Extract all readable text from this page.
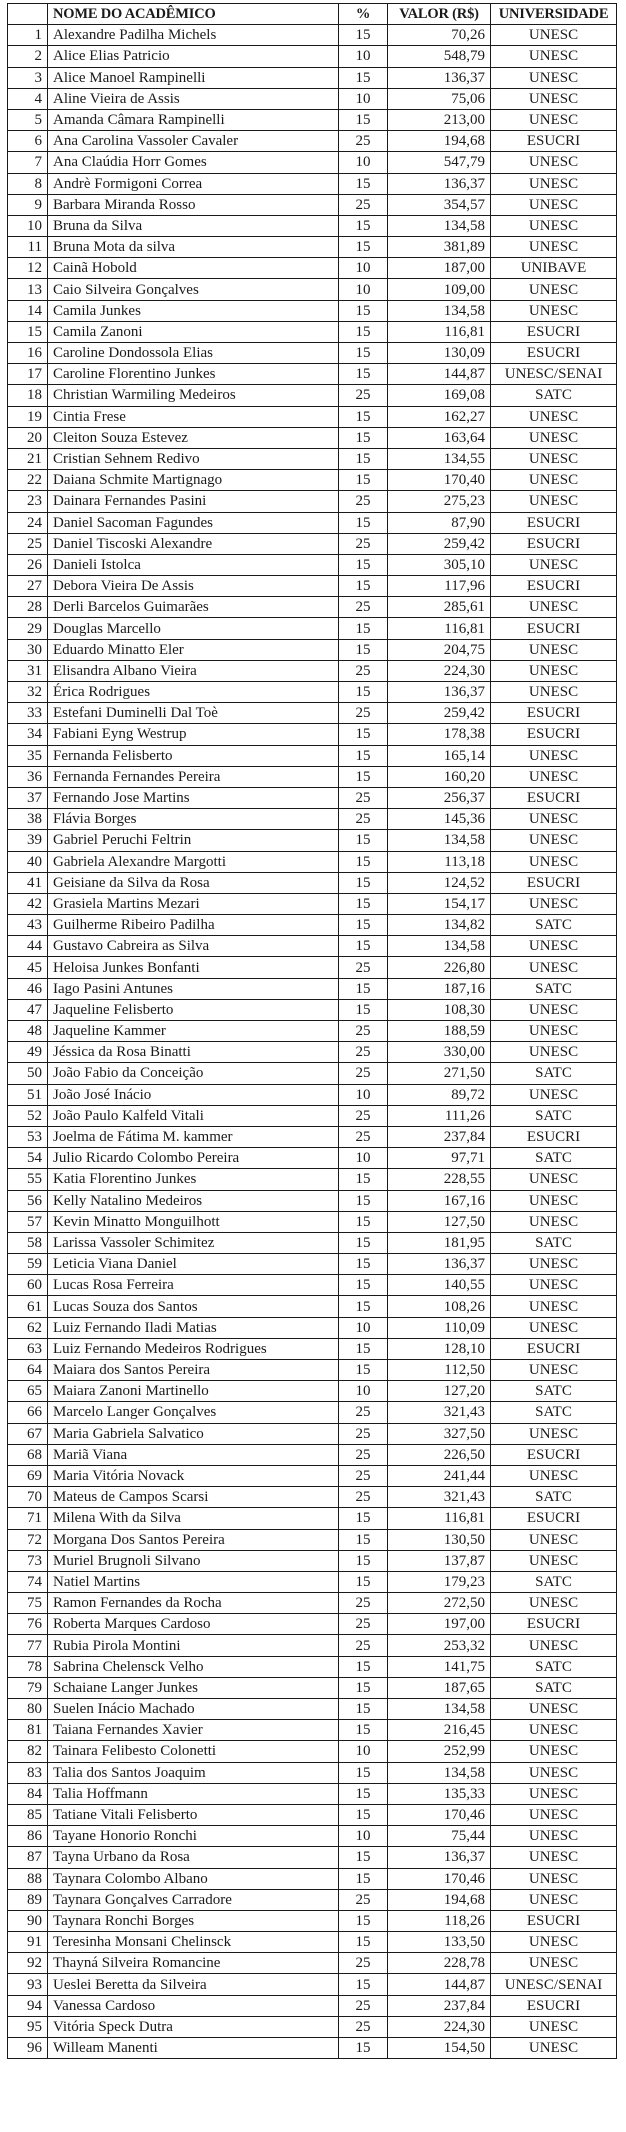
	NOME DO ACADÊMICO	%	VALOR (R$)	UNIVERSIDADE
1	Alexandre Padilha Michels	15	70,26	UNESC
2	Alice Elias Patricio	10	548,79	UNESC
3	Alice Manoel Rampinelli	15	136,37	UNESC
4	Aline Vieira de Assis	10	75,06	UNESC
5	Amanda Câmara Rampinelli	15	213,00	UNESC
6	Ana Carolina Vassoler Cavaler	25	194,68	ESUCRI
7	Ana Claúdia Horr Gomes	10	547,79	UNESC
8	Andrè Formigoni Correa	15	136,37	UNESC
9	Barbara Miranda Rosso	25	354,57	UNESC
10	Bruna da Silva	15	134,58	UNESC
11	Bruna Mota da silva	15	381,89	UNESC
12	Cainã Hobold	10	187,00	UNIBAVE
13	Caio Silveira Gonçalves	10	109,00	UNESC
14	Camila Junkes	15	134,58	UNESC
15	Camila Zanoni	15	116,81	ESUCRI
16	Caroline Dondossola Elias	15	130,09	ESUCRI
17	Caroline Florentino Junkes	15	144,87	UNESC/SENAI
18	Christian Warmiling Medeiros	25	169,08	SATC
19	Cintia Frese	15	162,27	UNESC
20	Cleiton Souza Estevez	15	163,64	UNESC
21	Cristian Sehnem Redivo	15	134,55	UNESC
22	Daiana Schmite Martignago	15	170,40	UNESC
23	Dainara Fernandes Pasini	25	275,23	UNESC
24	Daniel Sacoman Fagundes	15	87,90	ESUCRI
25	Daniel Tiscoski Alexandre	25	259,42	ESUCRI
26	Danieli Istolca	15	305,10	UNESC
27	Debora Vieira De Assis	15	117,96	ESUCRI
28	Derli Barcelos Guimarães	25	285,61	UNESC
29	Douglas Marcello	15	116,81	ESUCRI
30	Eduardo Minatto Eler	15	204,75	UNESC
31	Elisandra Albano Vieira	25	224,30	UNESC
32	Érica Rodrigues	15	136,37	UNESC
33	Estefani Duminelli Dal Toè	25	259,42	ESUCRI
34	Fabiani Eyng Westrup	15	178,38	ESUCRI
35	Fernanda Felisberto	15	165,14	UNESC
36	Fernanda Fernandes Pereira	15	160,20	UNESC
37	Fernando Jose Martins	25	256,37	ESUCRI
38	Flávia Borges	25	145,36	UNESC
39	Gabriel Peruchi Feltrin	15	134,58	UNESC
40	Gabriela Alexandre Margotti	15	113,18	UNESC
41	Geisiane da Silva da Rosa	15	124,52	ESUCRI
42	Grasiela Martins Mezari	15	154,17	UNESC
43	Guilherme Ribeiro Padilha	15	134,82	SATC
44	Gustavo Cabreira as Silva	15	134,58	UNESC
45	Heloisa Junkes Bonfanti	25	226,80	UNESC
46	Iago Pasini Antunes	15	187,16	SATC
47	Jaqueline Felisberto	15	108,30	UNESC
48	Jaqueline Kammer	25	188,59	UNESC
49	Jéssica da Rosa Binatti	25	330,00	UNESC
50	João Fabio da Conceição	25	271,50	SATC
51	João José Inácio	10	89,72	UNESC
52	João Paulo Kalfeld Vitali	25	111,26	SATC
53	Joelma de Fátima M. kammer	25	237,84	ESUCRI
54	Julio Ricardo Colombo Pereira	10	97,71	SATC
55	Katia Florentino Junkes	15	228,55	UNESC
56	Kelly Natalino Medeiros	15	167,16	UNESC
57	Kevin Minatto Monguilhott	15	127,50	UNESC
58	Larissa Vassoler Schimitez	15	181,95	SATC
59	Leticia Viana Daniel	15	136,37	UNESC
60	Lucas Rosa Ferreira	15	140,55	UNESC
61	Lucas Souza dos Santos	15	108,26	UNESC
62	Luiz Fernando Iladi Matias	10	110,09	UNESC
63	Luiz Fernando Medeiros Rodrigues	15	128,10	ESUCRI
64	Maiara dos Santos Pereira	15	112,50	UNESC
65	Maiara Zanoni Martinello	10	127,20	SATC
66	Marcelo Langer Gonçalves	25	321,43	SATC
67	Maria Gabriela Salvatico	25	327,50	UNESC
68	Mariã Viana	25	226,50	ESUCRI
69	Maria Vitória Novack	25	241,44	UNESC
70	Mateus de Campos Scarsi	25	321,43	SATC
71	Milena With da Silva	15	116,81	ESUCRI
72	Morgana Dos Santos Pereira	15	130,50	UNESC
73	Muriel Brugnoli Silvano	15	137,87	UNESC
74	Natiel Martins	15	179,23	SATC
75	Ramon Fernandes da Rocha	25	272,50	UNESC
76	Roberta Marques Cardoso	25	197,00	ESUCRI
77	Rubia Pirola Montini	25	253,32	UNESC
78	Sabrina Chelensck Velho	15	141,75	SATC
79	Schaiane Langer Junkes	15	187,65	SATC
80	Suelen Inácio Machado	15	134,58	UNESC
81	Taiana Fernandes Xavier	15	216,45	UNESC
82	Tainara Felibesto Colonetti	10	252,99	UNESC
83	Talia dos Santos Joaquim	15	134,58	UNESC
84	Talia Hoffmann	15	135,33	UNESC
85	Tatiane Vitali Felisberto	15	170,46	UNESC
86	Tayane Honorio Ronchi	10	75,44	UNESC
87	Tayna Urbano da Rosa	15	136,37	UNESC
88	Taynara Colombo Albano	15	170,46	UNESC
89	Taynara Gonçalves Carradore	25	194,68	UNESC
90	Taynara Ronchi Borges	15	118,26	ESUCRI
91	Teresinha Monsani Chelinsck	15	133,50	UNESC
92	Thayná Silveira Romancine	25	228,78	UNESC
93	Ueslei Beretta da Silveira	15	144,87	UNESC/SENAI
94	Vanessa Cardoso	25	237,84	ESUCRI
95	Vitória Speck Dutra	25	224,30	UNESC
96	Willeam Manenti	15	154,50	UNESC
